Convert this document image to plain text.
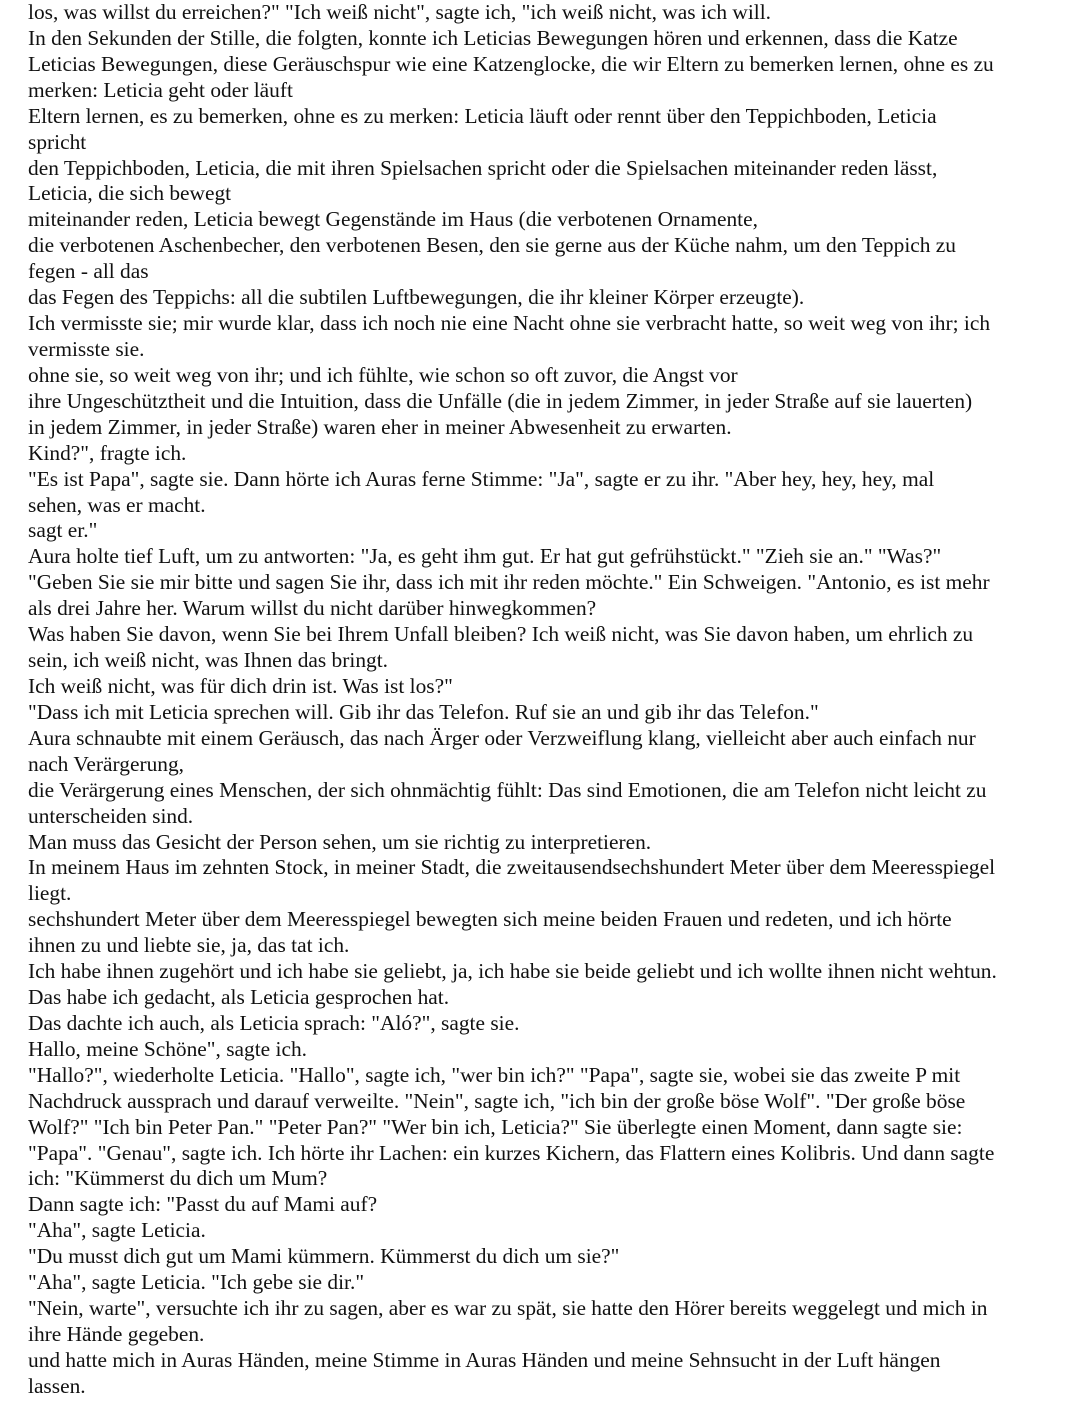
los, was willst du erreichen?" "Ich weiß nicht", sagte ich, "ich weiß nicht, was ich will.
In den Sekunden der Stille, die folgten, konnte ich Leticias Bewegungen hören und erkennen, dass die Katze
Leticias Bewegungen, diese Geräuschspur wie eine Katzenglocke, die wir Eltern zu bemerken lernen, ohne es zu
merken: Leticia geht oder läuft
Eltern lernen, es zu bemerken, ohne es zu merken: Leticia läuft oder rennt über den Teppichboden, Leticia
spricht
den Teppichboden, Leticia, die mit ihren Spielsachen spricht oder die Spielsachen miteinander reden lässt,
Leticia, die sich bewegt
miteinander reden, Leticia bewegt Gegenstände im Haus (die verbotenen Ornamente,
die verbotenen Aschenbecher, den verbotenen Besen, den sie gerne aus der Küche nahm, um den Teppich zu
fegen - all das
das Fegen des Teppichs: all die subtilen Luftbewegungen, die ihr kleiner Körper erzeugte).
Ich vermisste sie; mir wurde klar, dass ich noch nie eine Nacht ohne sie verbracht hatte, so weit weg von ihr; ich
vermisste sie.
ohne sie, so weit weg von ihr; und ich fühlte, wie schon so oft zuvor, die Angst vor
ihre Ungeschütztheit und die Intuition, dass die Unfälle (die in jedem Zimmer, in jeder Straße auf sie lauerten)
in jedem Zimmer, in jeder Straße) waren eher in meiner Abwesenheit zu erwarten.
Kind?", fragte ich.
"Es ist Papa", sagte sie. Dann hörte ich Auras ferne Stimme: "Ja", sagte er zu ihr. "Aber hey, hey, hey, mal
sehen, was er macht.
sagt er."
Aura holte tief Luft, um zu antworten: "Ja, es geht ihm gut. Er hat gut gefrühstückt." "Zieh sie an." "Was?"
"Geben Sie sie mir bitte und sagen Sie ihr, dass ich mit ihr reden möchte." Ein Schweigen. "Antonio, es ist mehr
als drei Jahre her. Warum willst du nicht darüber hinwegkommen?
Was haben Sie davon, wenn Sie bei Ihrem Unfall bleiben? Ich weiß nicht, was Sie davon haben, um ehrlich zu
sein, ich weiß nicht, was Ihnen das bringt.
Ich weiß nicht, was für dich drin ist. Was ist los?"
"Dass ich mit Leticia sprechen will. Gib ihr das Telefon. Ruf sie an und gib ihr das Telefon."
Aura schnaubte mit einem Geräusch, das nach Ärger oder Verzweiflung klang, vielleicht aber auch einfach nur
nach Verärgerung,
die Verärgerung eines Menschen, der sich ohnmächtig fühlt: Das sind Emotionen, die am Telefon nicht leicht zu
unterscheiden sind.
Man muss das Gesicht der Person sehen, um sie richtig zu interpretieren.
In meinem Haus im zehnten Stock, in meiner Stadt, die zweitausendsechshundert Meter über dem Meeresspiegel
liegt.
sechshundert Meter über dem Meeresspiegel bewegten sich meine beiden Frauen und redeten, und ich hörte
ihnen zu und liebte sie, ja, das tat ich.
Ich habe ihnen zugehört und ich habe sie geliebt, ja, ich habe sie beide geliebt und ich wollte ihnen nicht wehtun.
Das habe ich gedacht, als Leticia gesprochen hat.
Das dachte ich auch, als Leticia sprach: "Aló?", sagte sie.
Hallo, meine Schöne", sagte ich.
"Hallo?", wiederholte Leticia. "Hallo", sagte ich, "wer bin ich?" "Papa", sagte sie, wobei sie das zweite P mit
Nachdruck aussprach und darauf verweilte. "Nein", sagte ich, "ich bin der große böse Wolf". "Der große böse
Wolf?" "Ich bin Peter Pan." "Peter Pan?" "Wer bin ich, Leticia?" Sie überlegte einen Moment, dann sagte sie:
"Papa". "Genau", sagte ich. Ich hörte ihr Lachen: ein kurzes Kichern, das Flattern eines Kolibris. Und dann sagte
ich: "Kümmerst du dich um Mum?
Dann sagte ich: "Passt du auf Mami auf?
"Aha", sagte Leticia.
"Du musst dich gut um Mami kümmern. Kümmerst du dich um sie?"
"Aha", sagte Leticia. "Ich gebe sie dir."
"Nein, warte", versuchte ich ihr zu sagen, aber es war zu spät, sie hatte den Hörer bereits weggelegt und mich in
ihre Hände gegeben.
und hatte mich in Auras Händen, meine Stimme in Auras Händen und meine Sehnsucht in der Luft hängen
lassen.
